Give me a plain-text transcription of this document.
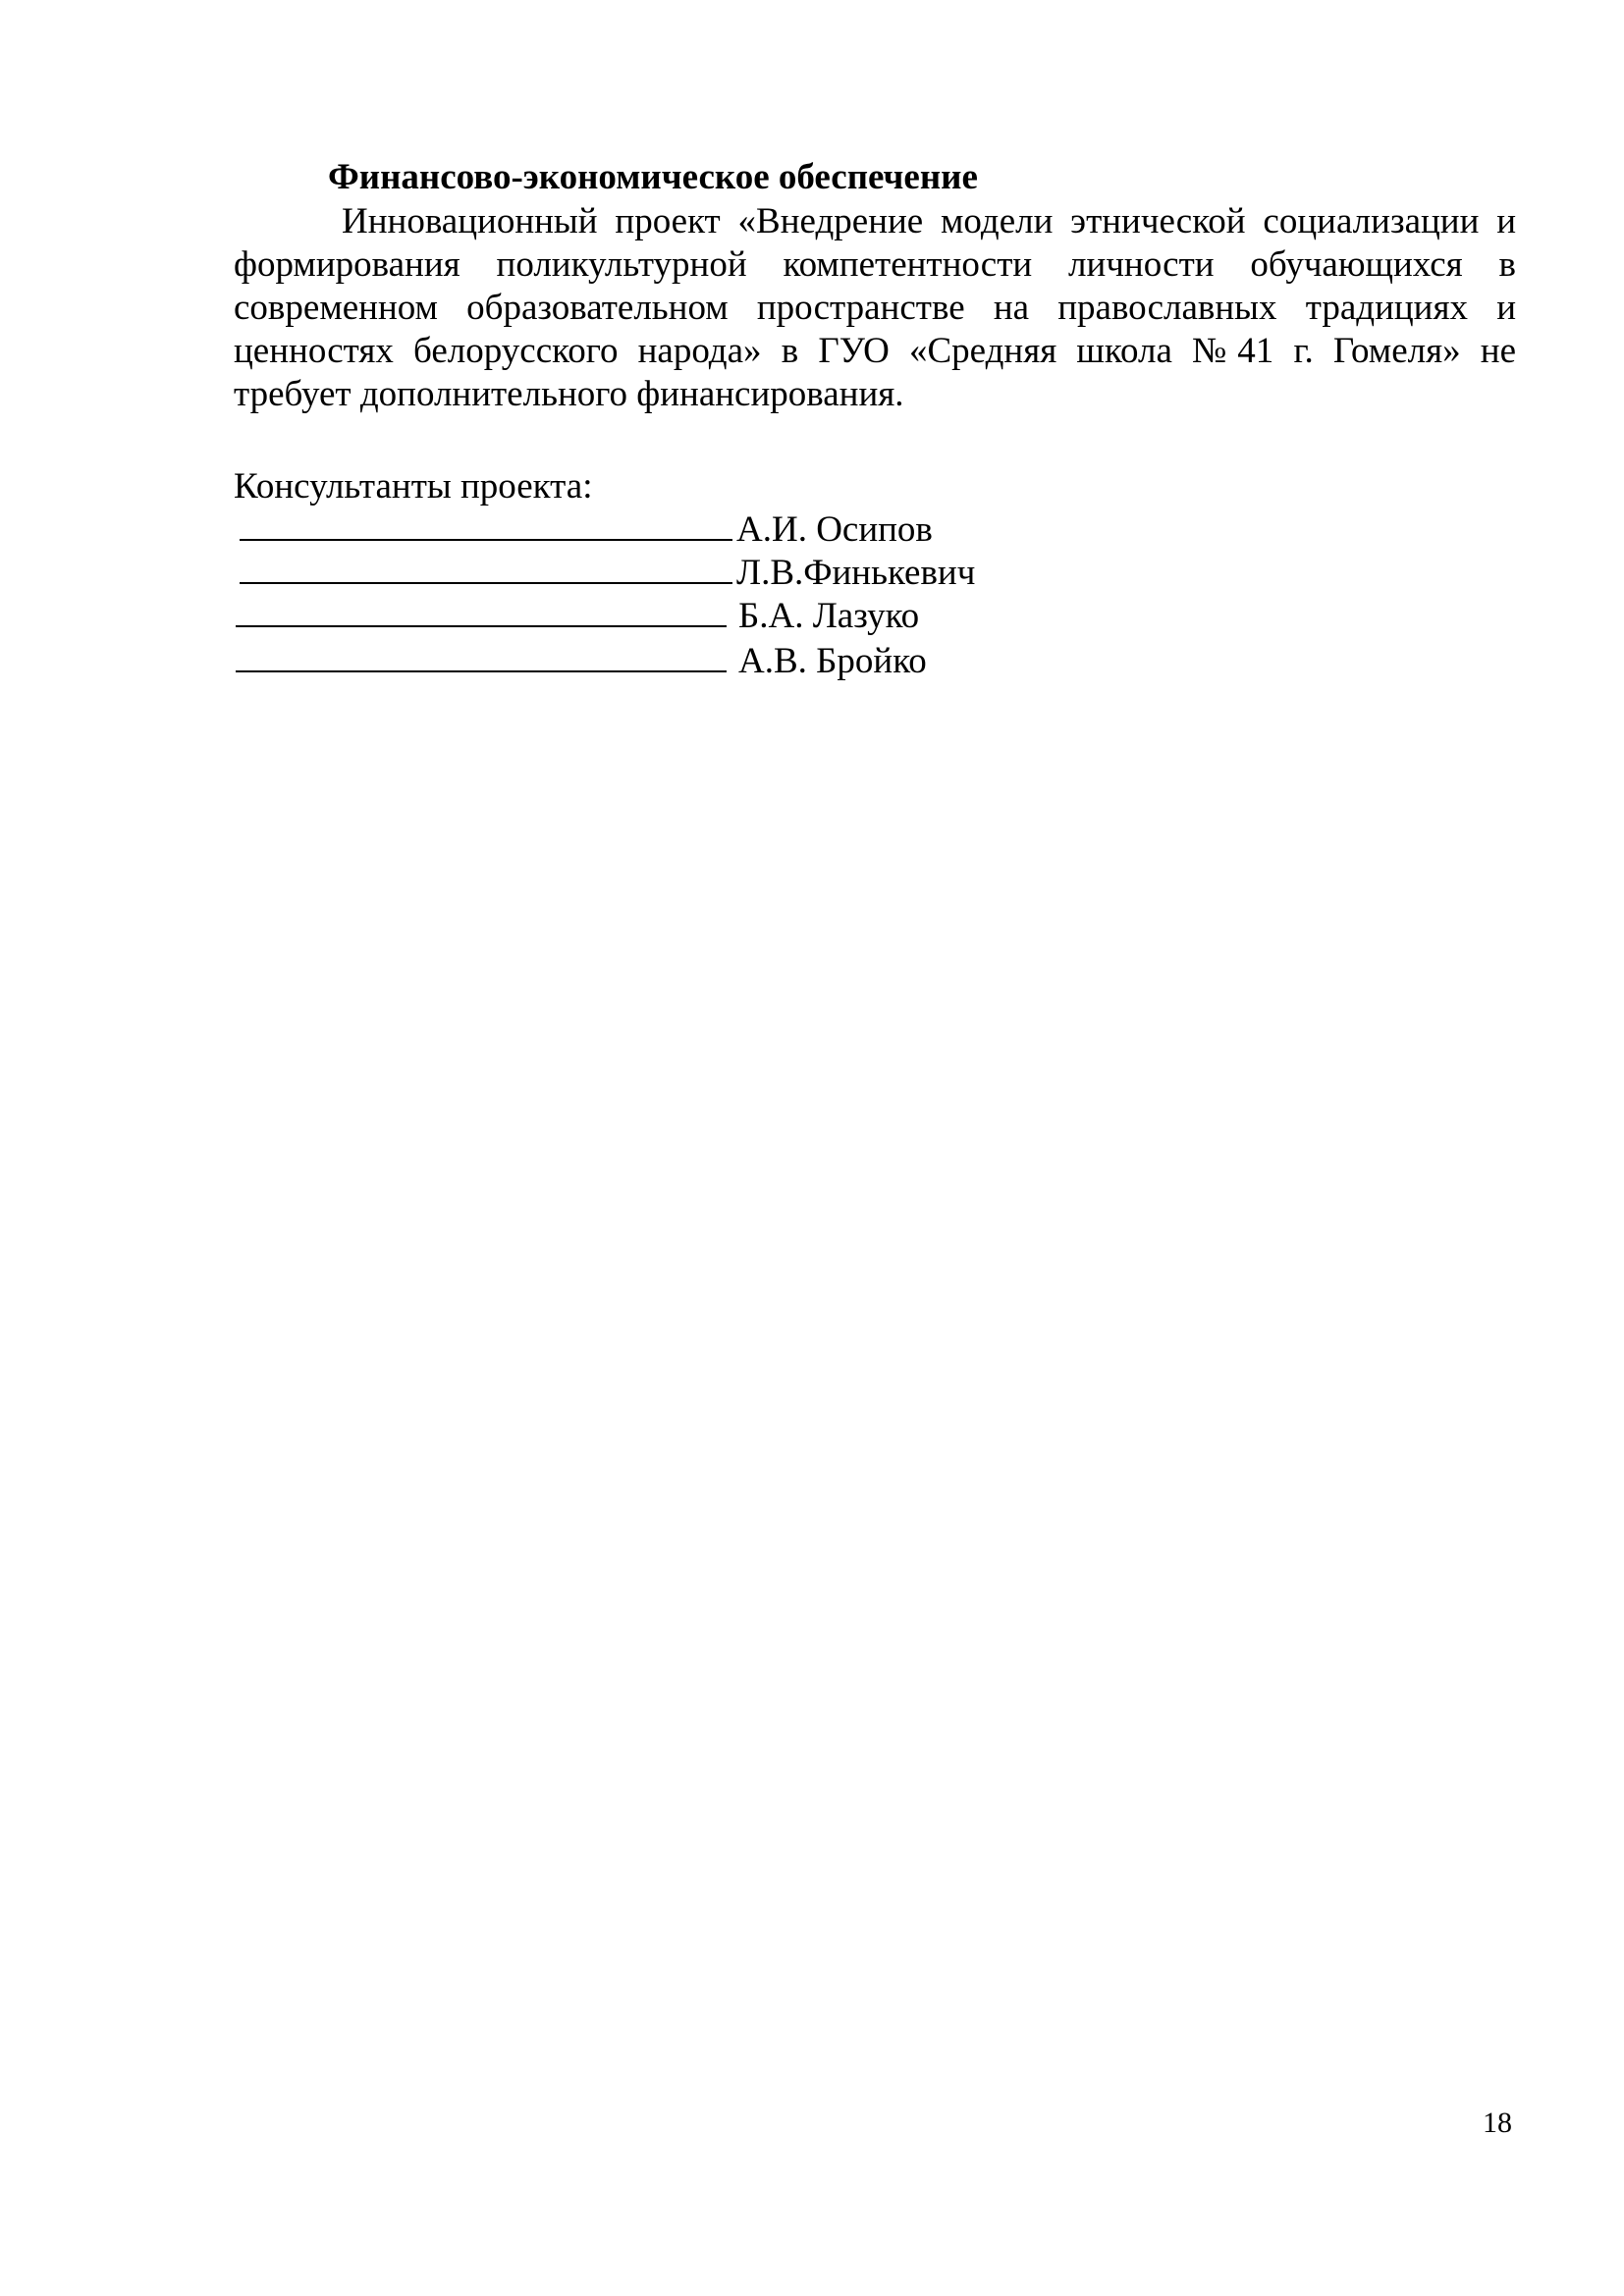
Финансово-экономическое обеспечение

Инновационный проект «Внедрение модели этнической социализации и формирования поликультурной компетентности личности обучающихся в современном образовательном пространстве на православных традициях и ценностях белорусского народа» в ГУО «Средняя школа №41 г. Гомеля» не требует дополнительного финансирования.

Консультанты проекта:
А.И. Осипов
Л.В.Финькевич
Б.А. Лазуко
А.В. Бройко
18
